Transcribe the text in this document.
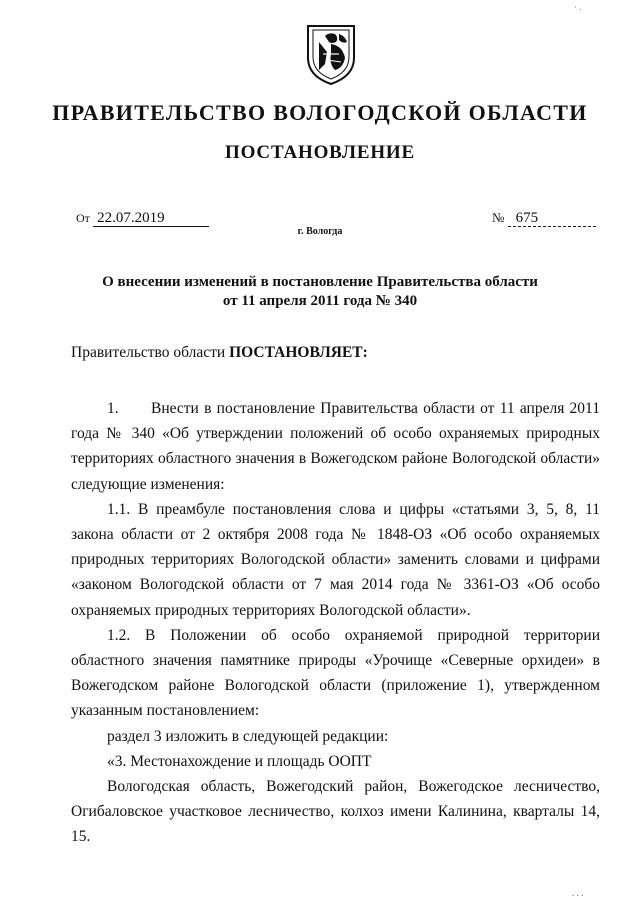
· .
ПРАВИТЕЛЬСТВО ВОЛОГОДСКОЙ ОБЛАСТИ
ПОСТАНОВЛЕНИЕ
От 22.07.2019	№ 675
г. Вологда
О внесении изменений в постановление Правительства области
от 11 апреля 2011 года № 340
Правительство области ПОСТАНОВЛЯЕТ:

1. Внести в постановление Правительства области от 11 апреля 2011 года № 340 «Об утверждении положений об особо охраняемых природных территориях областного значения в Вожегодском районе Вологодской области» следующие изменения:

1.1. В преамбуле постановления слова и цифры «статьями 3, 5, 8, 11 закона области от 2 октября 2008 года № 1848-ОЗ «Об особо охраняемых природных территориях Вологодской области» заменить словами и цифрами «законом Вологодской области от 7 мая 2014 года № 3361-ОЗ «Об особо охраняемых природных территориях Вологодской области».

1.2. В Положении об особо охраняемой природной территории областного значения памятнике природы «Урочище «Северные орхидеи» в Вожегодском районе Вологодской области (приложение 1), утвержденном указанным постановлением:

раздел 3 изложить в следующей редакции:

«3. Местонахождение и площадь ООПТ

Вологодская область, Вожегодский район, Вожегодское лесничество, Огибаловское участковое лесничество, колхоз имени Калинина, кварталы 14, 15.

. . .
